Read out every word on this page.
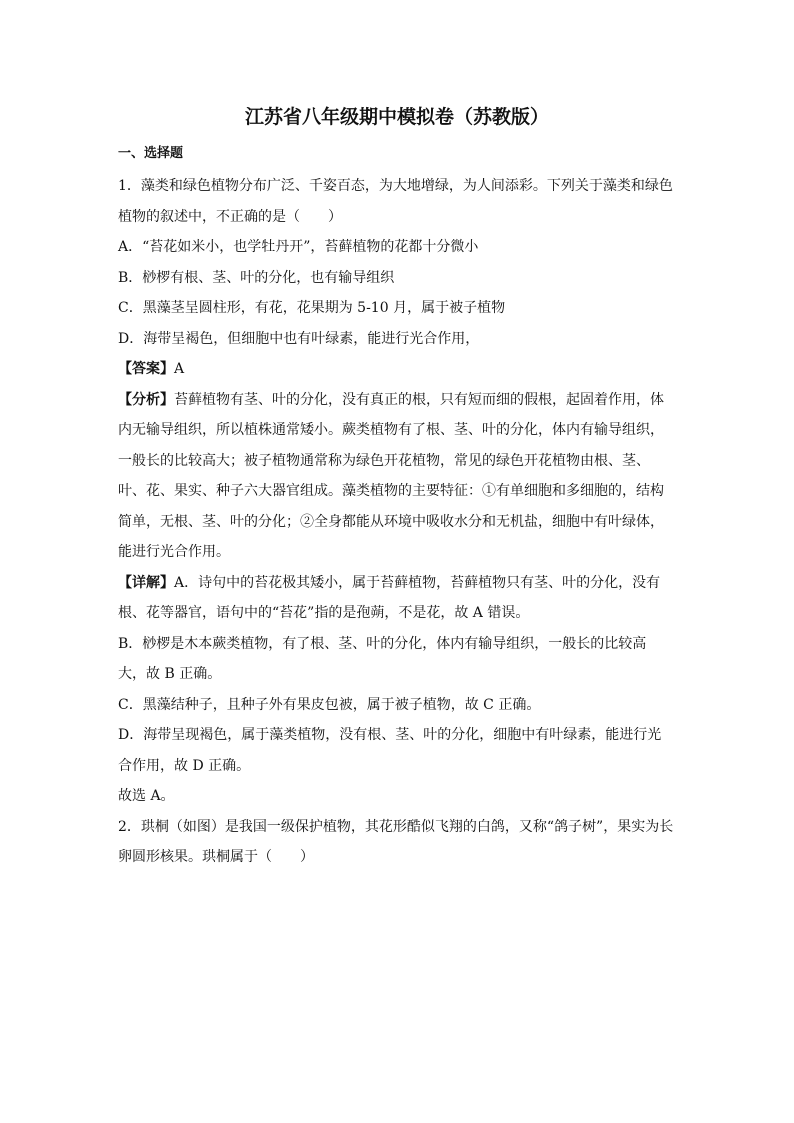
江苏省八年级期中模拟卷（苏教版）
一、选择题

1．藻类和绿色植物分布广泛、千姿百态，为大地增绿，为人间添彩。下列关于藻类和绿色

植物的叙述中，不正确的是（　　）

A．“苔花如米小，也学牡丹开”，苔藓植物的花都十分微小

B．桫椤有根、茎、叶的分化，也有输导组织

C．黑藻茎呈圆柱形，有花，花果期为 5-10 月，属于被子植物

D．海带呈褐色，但细胞中也有叶绿素，能进行光合作用，

【答案】A

【分析】苔藓植物有茎、叶的分化，没有真正的根，只有短而细的假根，起固着作用，体

内无输导组织，所以植株通常矮小。蕨类植物有了根、茎、叶的分化，体内有输导组织，

一般长的比较高大；被子植物通常称为绿色开花植物，常见的绿色开花植物由根、茎、

叶、花、果实、种子六大器官组成。藻类植物的主要特征：①有单细胞和多细胞的，结构

简单，无根、茎、叶的分化；②全身都能从环境中吸收水分和无机盐，细胞中有叶绿体，

能进行光合作用。

【详解】A．诗句中的苔花极其矮小，属于苔藓植物，苔藓植物只有茎、叶的分化，没有

根、花等器官，语句中的“苔花”指的是孢蒴，不是花，故 A 错误。

B．桫椤是木本蕨类植物，有了根、茎、叶的分化，体内有输导组织，一般长的比较高

大，故 B 正确。

C．黑藻结种子，且种子外有果皮包被，属于被子植物，故 C 正确。

D．海带呈现褐色，属于藻类植物，没有根、茎、叶的分化，细胞中有叶绿素，能进行光

合作用，故 D 正确。

故选 A。

2．珙桐（如图）是我国一级保护植物，其花形酷似飞翔的白鸽，又称“鸽子树”，果实为长

卵圆形核果。珙桐属于（　　）
